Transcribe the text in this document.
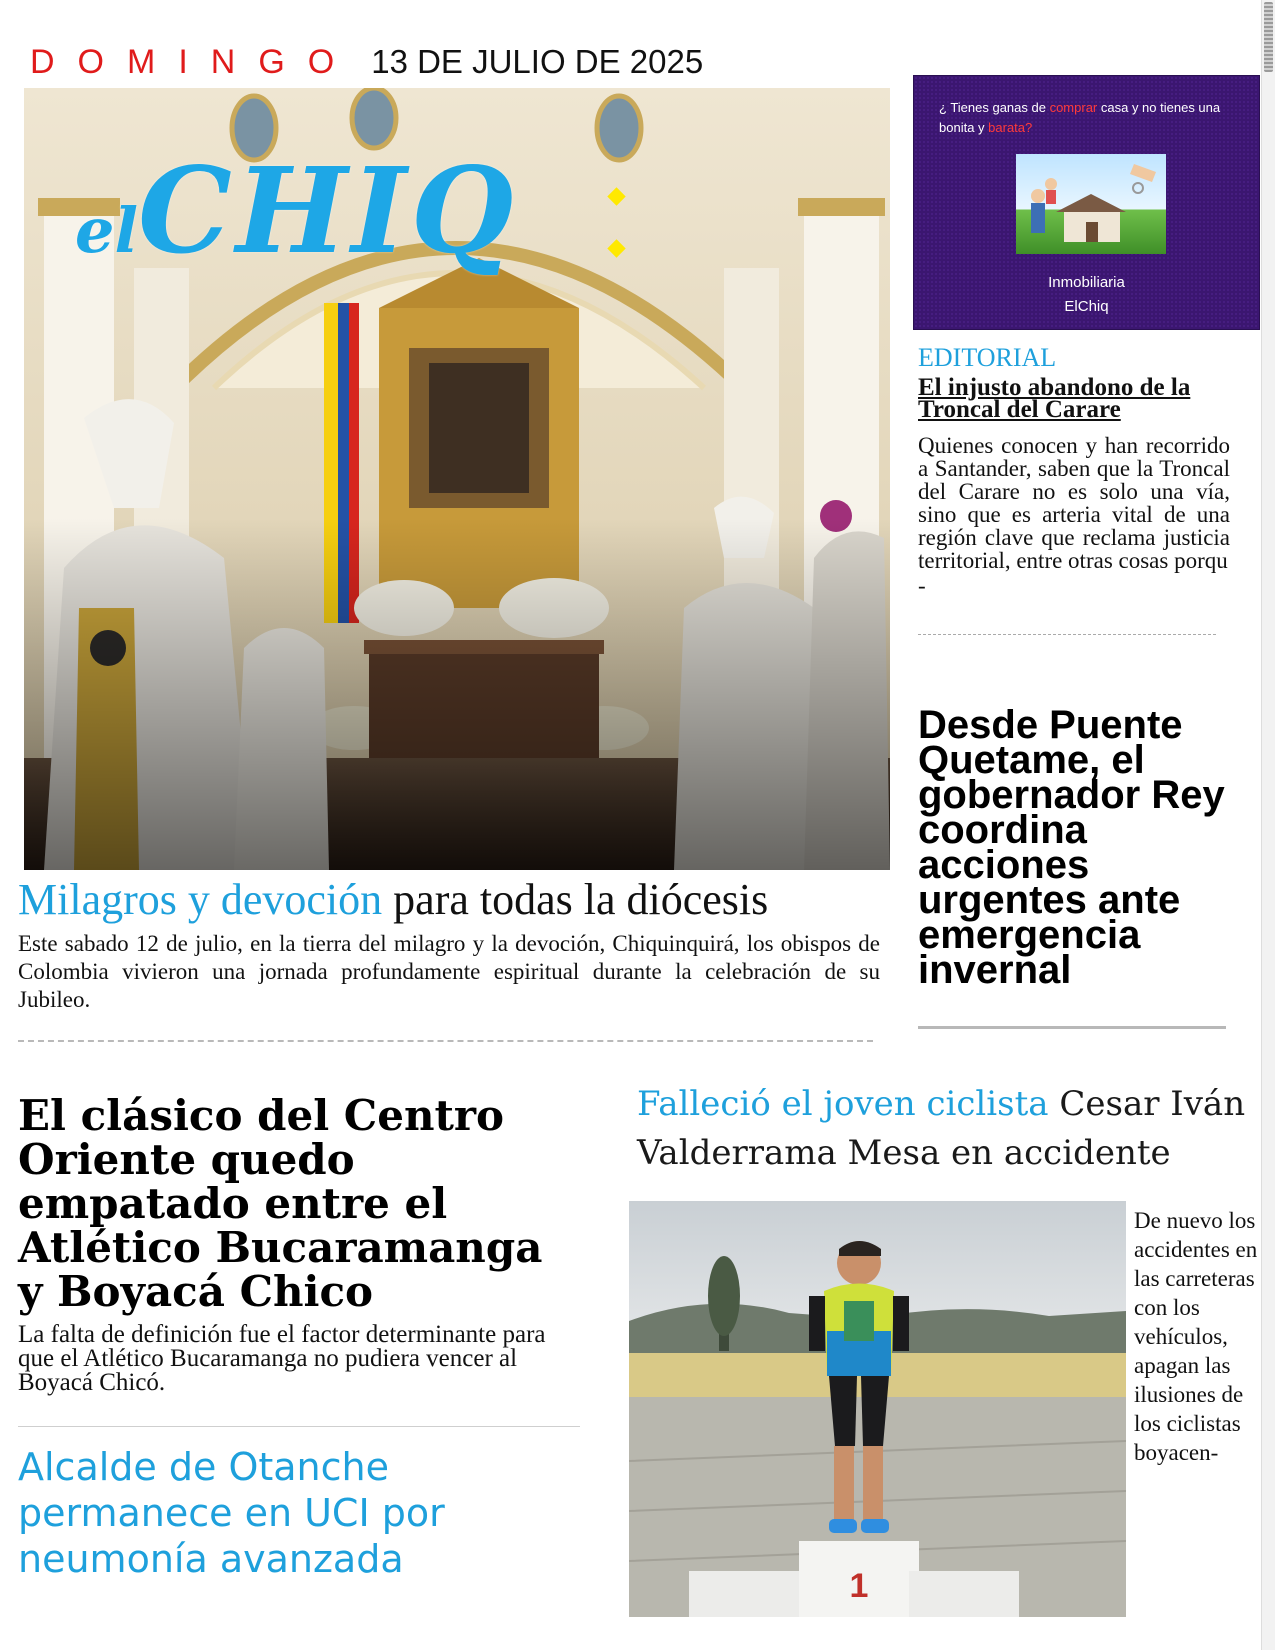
DOMINGO 13 DE JULIO DE 2025
elCHIQ
Milagros y devoción para todas la diócesis
Este sabado 12 de julio, en la tierra del milagro y la devoción, Chiquinquirá, los obispos de Colombia vivieron una jornada profundamente espiritual durante la celebración de su Jubileo.
¿ Tienes ganas de comprar casa y no tienes una bonita y barata?
Inmobiliaria
ElChiq
EDITORIAL
El injusto abandono de la Troncal del Carare
Quienes conocen y han recorrido a Santander, saben que la Troncal del Carare no es solo una vía, sino que es arteria vital de una región clave que reclama justicia territorial, entre otras cosas porqu
-
Desde Puente Quetame, el gobernador Rey coordina acciones urgentes ante emergencia invernal
El clásico del Centro Oriente quedo empatado entre el Atlético Bucaramanga y Boyacá Chico
La falta de definición fue el factor determinante para que el Atlético Bucaramanga no pudiera vencer al Boyacá Chicó.
Alcalde de Otanche permanece en UCI por neumonía avanzada
Falleció el joven ciclista Cesar Iván Valderrama Mesa en accidente
1
De nuevo los accidentes en las carreteras con los vehículos, apagan las ilusiones de los ciclistas boyacen-
